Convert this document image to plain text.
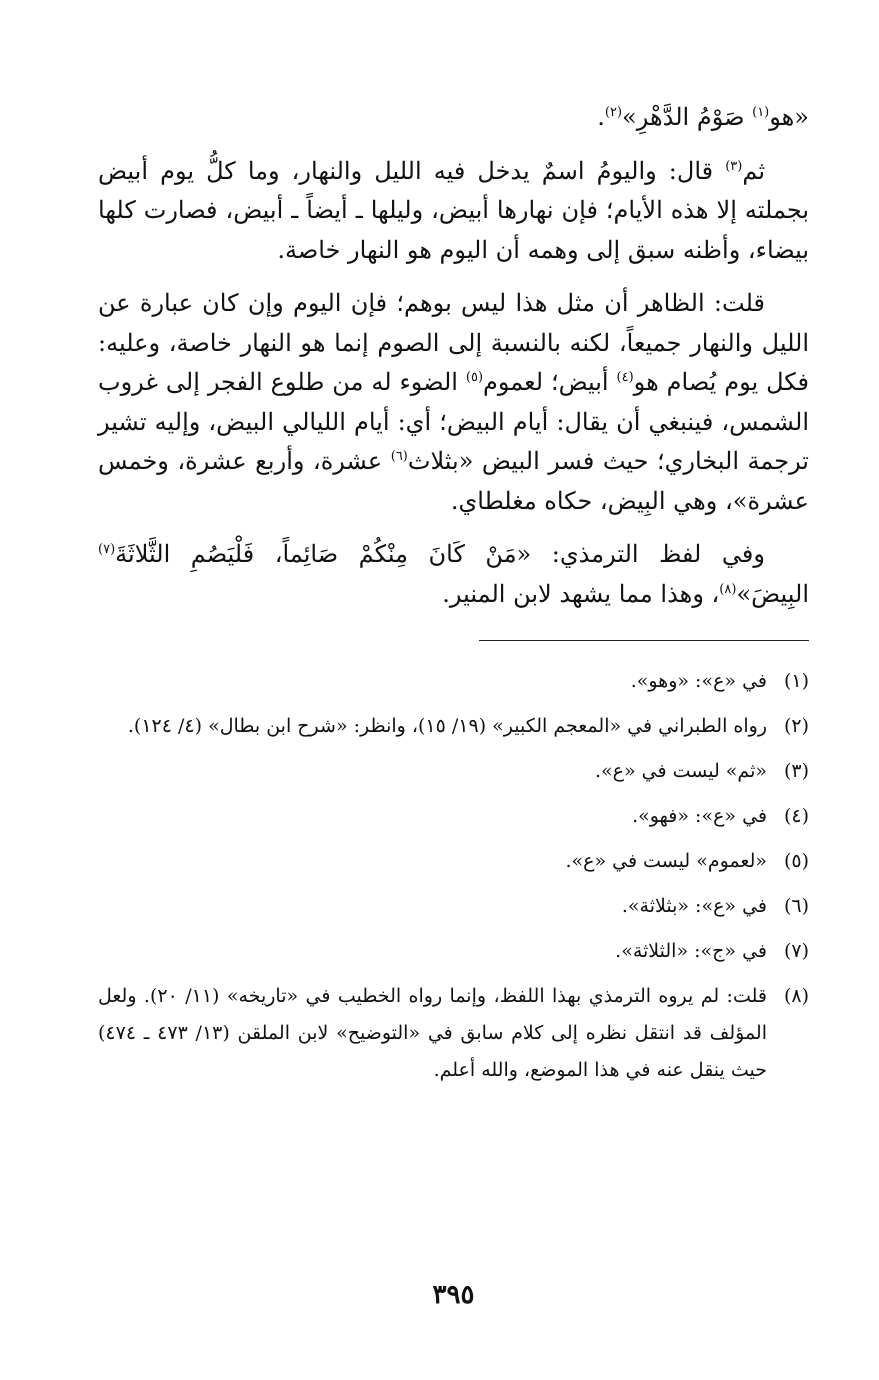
«هو$^{(١)}$ صَوْمُ الدَّهْرِ»$^{(٢)}$.

ثم$^{(٣)}$ قال: واليومُ اسمٌ يدخل فيه الليل والنهار، وما كلُّ يوم أبيض بجملته إلا هذه الأيام؛ فإن نهارها أبيض، وليلها ـ أيضاً ـ أبيض، فصارت كلها بيضاء، وأظنه سبق إلى وهمه أن اليوم هو النهار خاصة.

قلت: الظاهر أن مثل هذا ليس بوهم؛ فإن اليوم وإن كان عبارة عن الليل والنهار جميعاً، لكنه بالنسبة إلى الصوم إنما هو النهار خاصة، وعليه: فكل يوم يُصام هو$^{(٤)}$ أبيض؛ لعموم$^{(٥)}$ الضوء له من طلوع الفجر إلى غروب الشمس، فينبغي أن يقال: أيام البيض؛ أي: أيام الليالي البيض، وإليه تشير ترجمة البخاري؛ حيث فسر البيض «بثلاث$^{(٦)}$ عشرة، وأربع عشرة، وخمس عشرة»، وهي البِيض، حكاه مغلطاي.

وفي لفظ الترمذي: «مَنْ كَانَ مِنْكُمْ صَائِماً، فَلْيَصُمِ الثَّلاثَةَ$^{(٧)}$ البِيضَ»$^{(٨)}$، وهذا مما يشهد لابن المنير.

(١)
في «ع»: «وهو».
(٢)
رواه الطبراني في «المعجم الكبير» (١٩/ ١٥)، وانظر: «شرح ابن بطال» (٤/ ١٢٤).
(٣)
«ثم» ليست في «ع».
(٤)
في «ع»: «فهو».
(٥)
«لعموم» ليست في «ع».
(٦)
في «ع»: «بثلاثة».
(٧)
في «ج»: «الثلاثة».
(٨)
قلت: لم يروه الترمذي بهذا اللفظ، وإنما رواه الخطيب في «تاريخه» (١١/ ٢٠). ولعل المؤلف قد انتقل نظره إلى كلام سابق في «التوضيح» لابن الملقن (١٣/ ٤٧٣ ـ ٤٧٤) حيث ينقل عنه في هذا الموضع، والله أعلم.
٣٩٥
